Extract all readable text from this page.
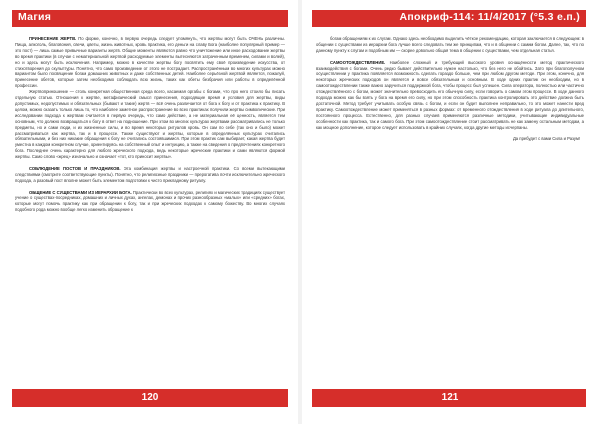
Магия

ПРИНЕСЕНИЕ ЖЕРТВ. По форме, конечно, в первую очередь следует упомянуть, что жертвы могут быть ОЧЕНЬ различны. Пища, алкоголь, благовония, свечи, цветы, жизнь животных, кровь практика, его деньги на славу Бога (наиболее популярный пример — это пост) — лишь самые привычные варианты жертв. Общие моменты являются равно что уничтожение или иное расходование жертвы во время практики (в случае с нематериальной жертвой расходуемые элементы вытесняются затраченным временем, силами и волей), но и здесь могут быть исключения. Например, можно в качестве жертвы богу посвятить ему своё произведение искусства, от стихотворения до скульптуры. Понятно, что само произведение от этого не пострадает. Распространённым во многих культурах можно вариантом было посвящение богам домашних животных и даже собственных детей. Наиболее серьёзной жертвой является, пожалуй, принесение обетов, которые затем необходимо соблюдать всю жизнь, таких как обеты безбрачия или работы в определённой профессии.

Жертвоприношение — столь конкретная общественная среда всего, касаемая оргабы с богами, что про него стоило бы писать отдельную статью. Отношения к жертве, метафизический смысл принесения, подходящие время и условия для жертвы, виды допустимых, недопустимых и обязательных (бывают и такие) жертв — всё очень различается от бога к богу и от практика к практику. В целом, можно сказать только лишь то, что наиболее заметное распространение во всех практиках получили жертвы символические. При исследовании подхода к жертвам считается в первую очередь, что само действие, а не материальная её ценность, является тем основным, что должно возвращаться к богу в ответ на подношение. При этом во многих культурах жертвами рассматривались не только предметы, но и сами люди, и их жизненные силы, и во время некоторых ритуалов кровь. Он сам по себе (так оно и было) может рассматриваться как жертва, так и в процессе. Также существуют и жертвы, которые в определённых культурах считались обязательными, и без них никакие обращения к богу не считались состоявшимися. При этом практик сам выбирает, какая жертва будет уместна в каждом конкретном случае, ориентируясь на собственный опыт и интуицию, а также на сведения о предпочтениях конкретного бога. Последнее очень характерно для любого жреческого подхода, ведь некоторые жреческие практики и сами являются формой жертвы. Само слово «жрец» изначально и означает «тот, кто приносит жертвы».

СОБЛЮДЕНИЕ ПОСТОВ И ПРАЗДНИКОВ. Эта комбинация жертвы и настроечной практики. Со всеми вытекающими следствиями (смотрите соответствующие пункты). Понятно, что религиозные праздники — прерогатива почти исключительно жреческого подхода, а разовый пост вполне может быть элементом подготовки к чисто прикладному ритуалу.

ОБЩЕНИЕ С СУЩЕСТВАМИ ИЗ ИЕРАРХИИ БОГА. Практически во всех культурах, религиях и магических традициях существует учение о существах-посредниках, домашних и личных духах, ангелах, демонах и прочих разнообразных «малых» или «средних» богах, которые могут помочь практику как при обращении к богу, так и при жреческих подходах к самому божеству. Во многих случаях подобного рода можно вообще легко изменить обращение к

120
Апокриф-114: 11/4/2017 (°5.3 е.п.)

богам обращениям к их слугам. Однако здесь необходимо выделить чёткое рекомендацию, которая заключается в следующем: в общении с существами из иерархии бога лучше всего следовать тем же принципам, что и в общении с самим богом. Далее, так, что по данному пункту к слугам и подобным им — скорее довольно общая тема в общении с существами, чем отдельная статья.

САМООТОЖДЕСТВЛЕНИЕ. Наиболее сложный и требующий высокого уровня оснащённости метод практического взаимодействия с богами. Очень редко бывает действительно нужен настолько, что без него не обойтись. Зато при благополучном осуществлении у практика появляется возможность сделать гораздо больше, чем при любом другом методе. При этом, конечно, для некоторых жреческих подходов он является и вовсе обязательным и основным. В ходе одних практик он необходим, но в самоотождествлении также важно заручиться поддержкой бога, чтобы процесс был успешен. Сила оператора, полностью или частично отождествлённого с богом, может значительно превосходить его обычную силу, если говорить о самом этом процессе. В ходе данного подхода можно как бы взять у бога на время его силу, но при этом способность практика контролировать это действие должна быть достаточной. Метод требует учитывать особую связь с богом, и если он будет выполнен неправильно, то это может нанести вред практику. Самоотождествление может применяться в разных формах: от временного отождествления в ходе ритуала до длительного, постоянного процесса. Естественно, для разных случаев применяются различные методики, учитывающие индивидуальные особенности как практика, так и самого бога. При этом самоотождествление стоит рассматривать не как замену остальным методам, а как мощное дополнение, которое следует использовать в крайних случаях, когда другие методы исчерпаны.

Да пребудет с вами Сила и Разум!

121
